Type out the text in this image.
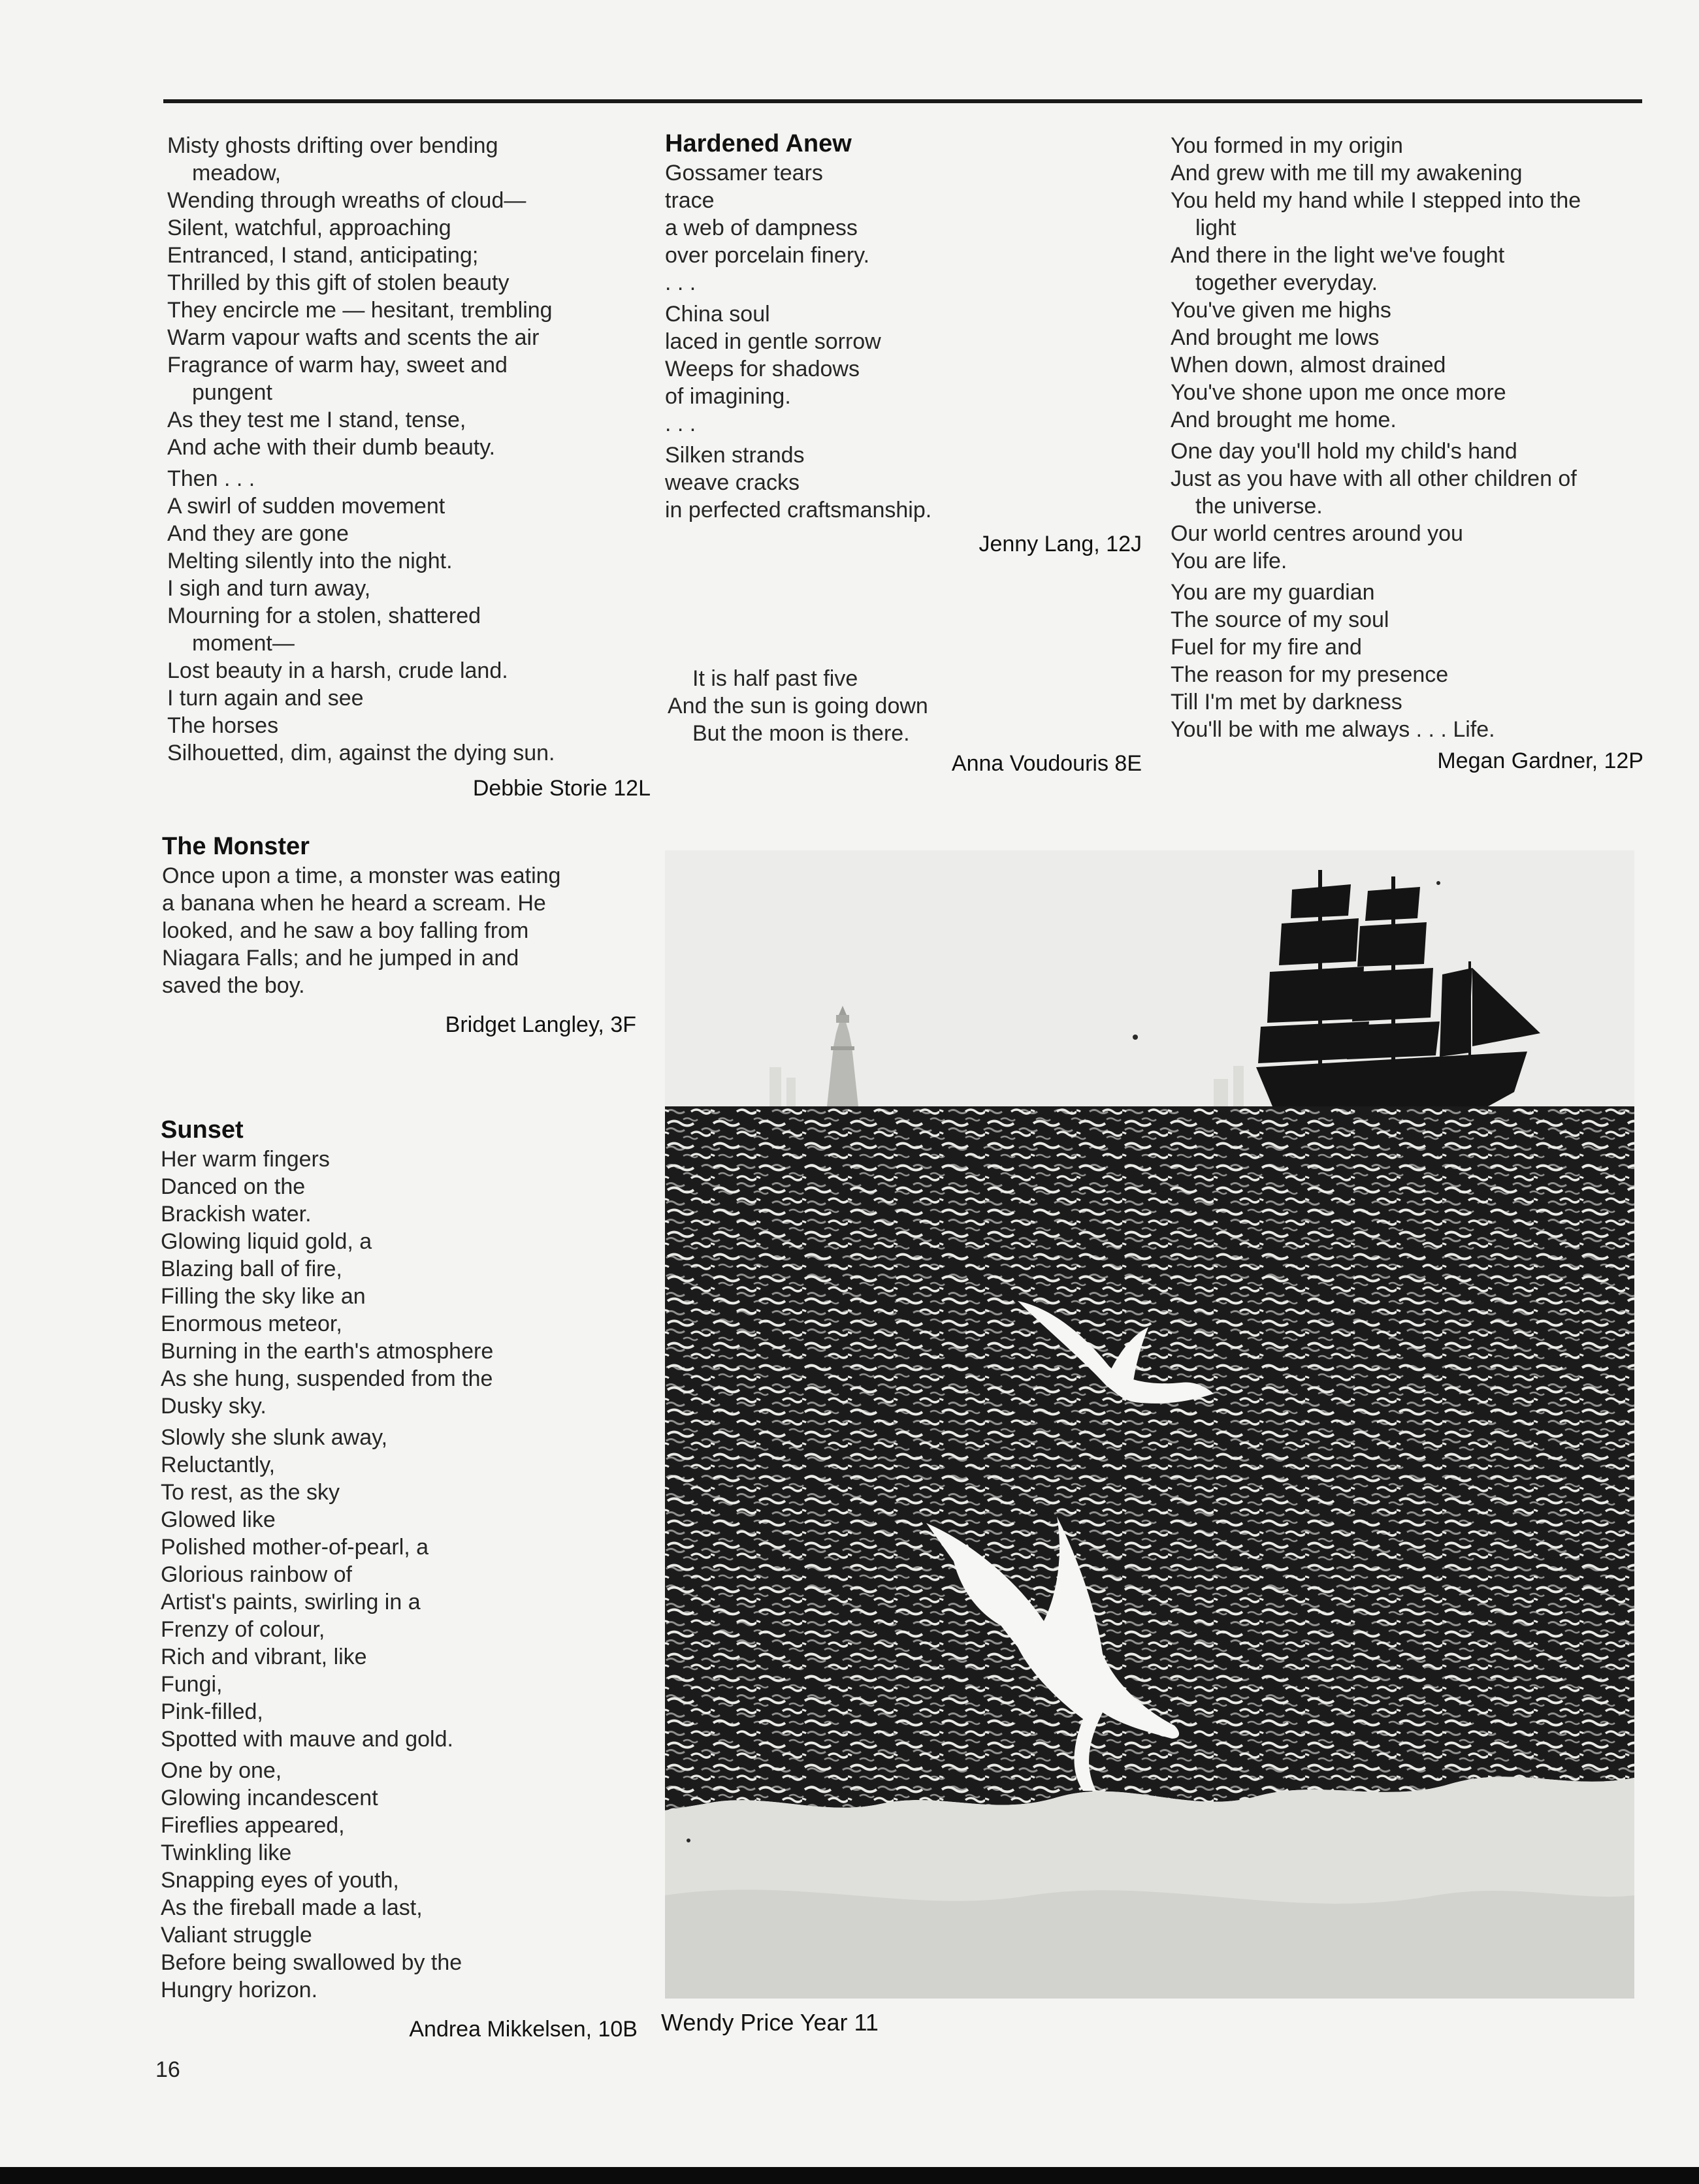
Misty ghosts drifting over bending
meadow,
Wending through wreaths of cloud—
Silent, watchful, approaching
Entranced, I stand, anticipating;
Thrilled by this gift of stolen beauty
They encircle me — hesitant, trembling
Warm vapour wafts and scents the air
Fragrance of warm hay, sweet and
pungent
As they test me I stand, tense,
And ache with their dumb beauty.
Then . . .
A swirl of sudden movement
And they are gone
Melting silently into the night.
I sigh and turn away,
Mourning for a stolen, shattered
moment—
Lost beauty in a harsh, crude land.
I turn again and see
The horses
Silhouetted, dim, against the dying sun.
Debbie Storie 12L
Hardened Anew
Gossamer tears
trace
a web of dampness
over porcelain finery.
. . .
China soul
laced in gentle sorrow
Weeps for shadows
of imagining.
. . .
Silken strands
weave cracks
in perfected craftsmanship.
Jenny Lang, 12J
It is half past five
And the sun is going down
But the moon is there.
Anna Voudouris 8E
You formed in my origin
And grew with me till my awakening
You held my hand while I stepped into the
light
And there in the light we've fought
together everyday.
You've given me highs
And brought me lows
When down, almost drained
You've shone upon me once more
And brought me home.
One day you'll hold my child's hand
Just as you have with all other children of
the universe.
Our world centres around you
You are life.
You are my guardian
The source of my soul
Fuel for my fire and
The reason for my presence
Till I'm met by darkness
You'll be with me always . . . Life.
Megan Gardner, 12P
The Monster
Once upon a time, a monster was eating
a banana when he heard a scream. He
looked, and he saw a boy falling from
Niagara Falls; and he jumped in and
saved the boy.
Bridget Langley, 3F
Sunset
Her warm fingers
Danced on the
Brackish water.
Glowing liquid gold, a
Blazing ball of fire,
Filling the sky like an
Enormous meteor,
Burning in the earth's atmosphere
As she hung, suspended from the
Dusky sky.
Slowly she slunk away,
Reluctantly,
To rest, as the sky
Glowed like
Polished mother-of-pearl, a
Glorious rainbow of
Artist's paints, swirling in a
Frenzy of colour,
Rich and vibrant, like
Fungi,
Pink-filled,
Spotted with mauve and gold.
One by one,
Glowing incandescent
Fireflies appeared,
Twinkling like
Snapping eyes of youth,
As the fireball made a last,
Valiant struggle
Before being swallowed by the
Hungry horizon.
Andrea Mikkelsen, 10B Wendy Price Year 11
16
